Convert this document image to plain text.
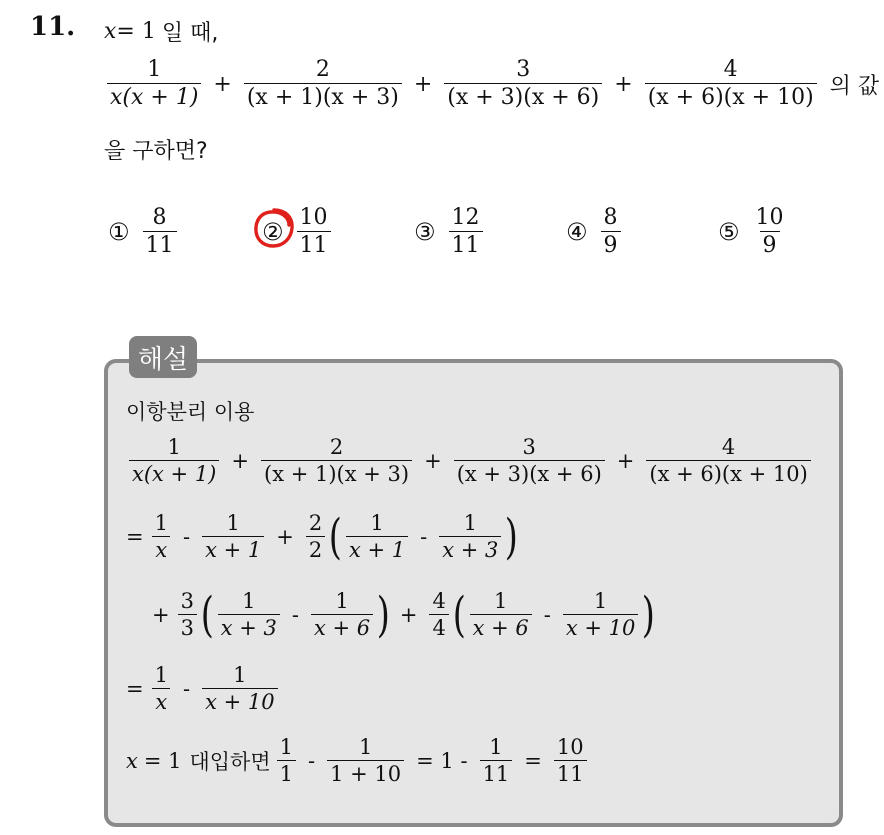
11. x = 1 일 때,
$\frac{1}{x(x + 1)} + \frac{2}{(x + 1)(x + 3)} + \frac{3}{(x + 3)(x + 6)} + \frac{4}{(x + 6)(x + 10)}$ 의 값
을 구하면?
① $\frac{8}{11}$	② $\frac{10}{11}$	③ $\frac{12}{11}$	④ $\frac{8}{9}$	⑤ $\frac{10}{9}$
해설
이항분리 이용
$\frac{1}{x(x + 1)} + \frac{2}{(x + 1)(x + 3)} + \frac{3}{(x + 3)(x + 6)} + \frac{4}{(x + 6)(x + 10)}$
= $\frac{1}{x} - \frac{1}{x + 1} + \frac{2}{2}$ ( $\frac{1}{x + 1} - \frac{1}{x + 3}$ )
+ $\frac{3}{3}$ ( $\frac{1}{x + 3} - \frac{1}{x + 6}$ ) + $\frac{4}{4}$ ( $\frac{1}{x + 6} - \frac{1}{x + 10}$ )
= $\frac{1}{x} - \frac{1}{x + 10}$
x = 1 대입하면 $\frac{1}{1} - \frac{1}{1 + 10} = 1 - \frac{1}{11} = \frac{10}{11}$
